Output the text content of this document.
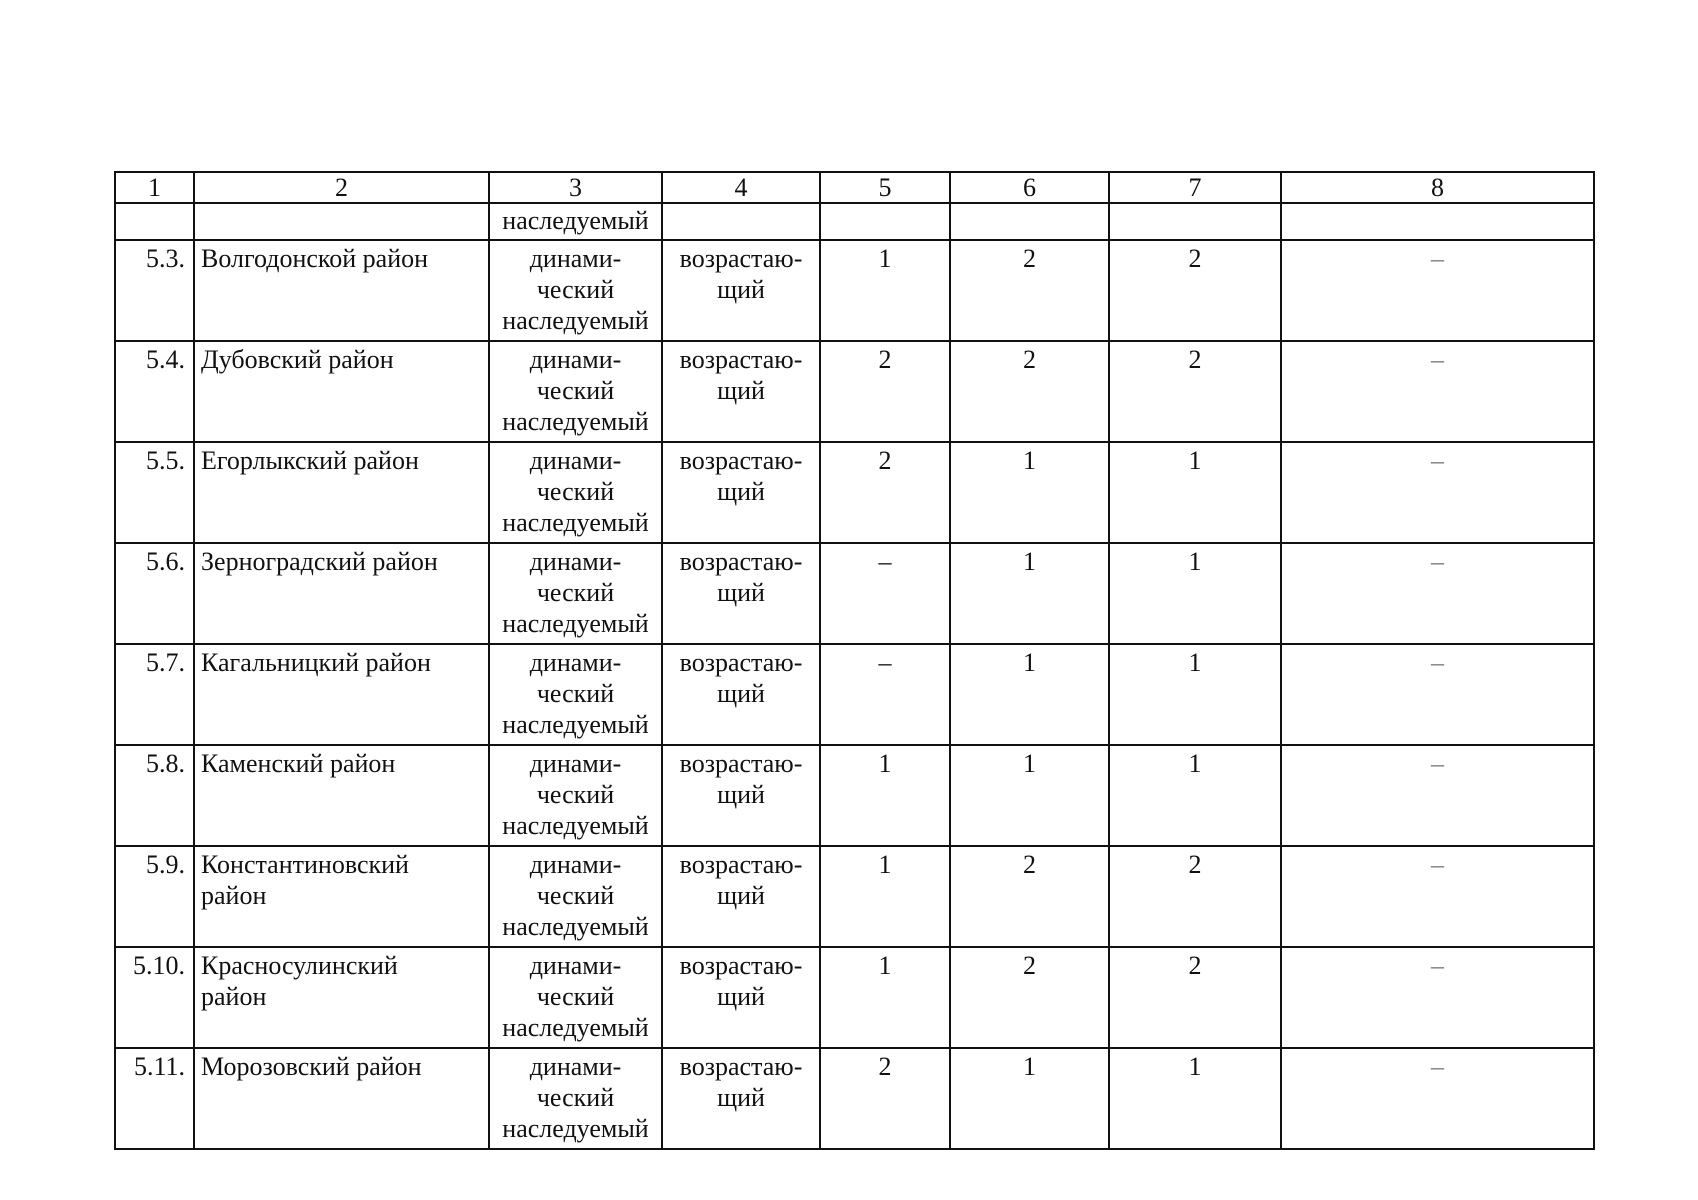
1	2	3	4	5	6	7	8
		наследуемый					
5.3.	Волгодонской район	динами-
ческий
наследуемый	возрастаю-
щий	1	2	2	–
5.4.	Дубовский район	динами-
ческий
наследуемый	возрастаю-
щий	2	2	2	–
5.5.	Егорлыкский район	динами-
ческий
наследуемый	возрастаю-
щий	2	1	1	–
5.6.	Зерноградский район	динами-
ческий
наследуемый	возрастаю-
щий	–	1	1	–
5.7.	Кагальницкий район	динами-
ческий
наследуемый	возрастаю-
щий	–	1	1	–
5.8.	Каменский район	динами-
ческий
наследуемый	возрастаю-
щий	1	1	1	–
5.9.	Константиновский
район	динами-
ческий
наследуемый	возрастаю-
щий	1	2	2	–
5.10.	Красносулинский
район	динами-
ческий
наследуемый	возрастаю-
щий	1	2	2	–
5.11.	Морозовский район	динами-
ческий
наследуемый	возрастаю-
щий	2	1	1	–
